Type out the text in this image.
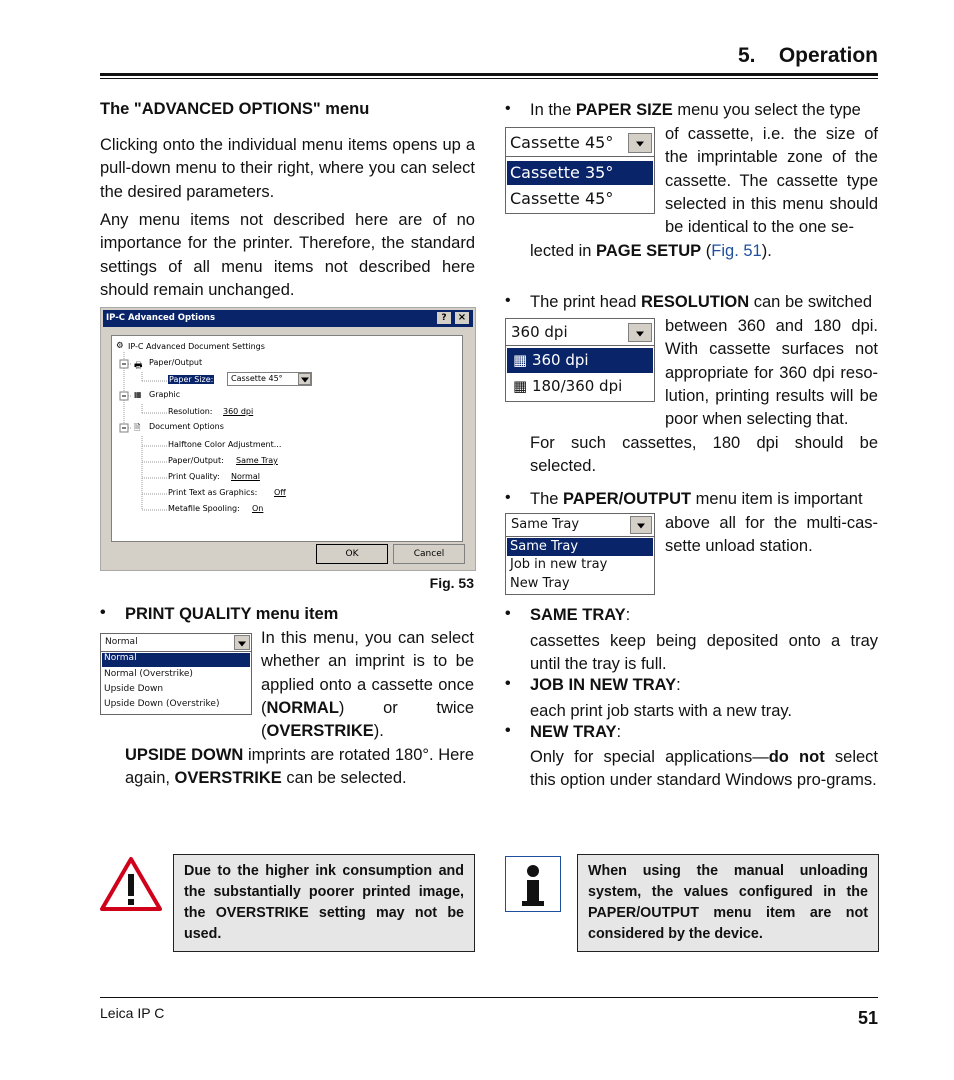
5. Operation
The "ADVANCED OPTIONS" menu
Clicking onto the individual menu items opens up a pull-down menu to their right, where you can select the desired parameters.
Any menu items not described here are of no importance for the printer. Therefore, the standard settings of all menu items not described here should remain unchanged.
IP-C Advanced Options	?	×
⚙ IP-C Advanced Document Settings
🖶 Paper/Output
Paper Size: Cassette 45°
▦ Graphic
Resolution: 360 dpi
🗎 Document Options
Halftone Color Adjustment...
Paper/Output: Same Tray
Print Quality: Normal
Print Text as Graphics: Off
Metafile Spooling: On
OK	Cancel
Fig. 53
• PRINT QUALITY menu item
Normal
Normal
Normal (Overstrike)
Upside Down
Upside Down (Overstrike)
In this menu, you can select whether an imprint is to be applied onto a cassette once (NORMAL) or twice (OVERSTRIKE).
UPSIDE DOWN imprints are rotated 180°. Here again, OVERSTRIKE can be selected.
Due to the higher ink consumption and the substantially poorer printed image, the OVERSTRIKE setting may not be used.
• In the PAPER SIZE menu you select the type
Cassette 45°
Cassette 35°
Cassette 45°
of cassette, i.e. the size of the imprintable zone of the cassette. The cassette type selected in this menu should be identical to the one se-
lected in PAGE SETUP (Fig. 51).
• The print head RESOLUTION can be switched
360 dpi
▦ 360 dpi
▦ 180/360 dpi
between 360 and 180 dpi. With cassette surfaces not appropriate for 360 dpi reso-lution, printing results will be poor when selecting that.
For such cassettes, 180 dpi should be selected.
• The PAPER/OUTPUT menu item is important
Same Tray
Same Tray
Job in new tray
New Tray
above all for the multi-cas-sette unload station.
• SAME TRAY:
cassettes keep being deposited onto a tray until the tray is full.
• JOB IN NEW TRAY:
each print job starts with a new tray.
• NEW TRAY:
Only for special applications—do not select this option under standard Windows pro-grams.
When using the manual unloading system, the values configured in the PAPER/OUTPUT menu item are not considered by the device.
Leica IP C	51
